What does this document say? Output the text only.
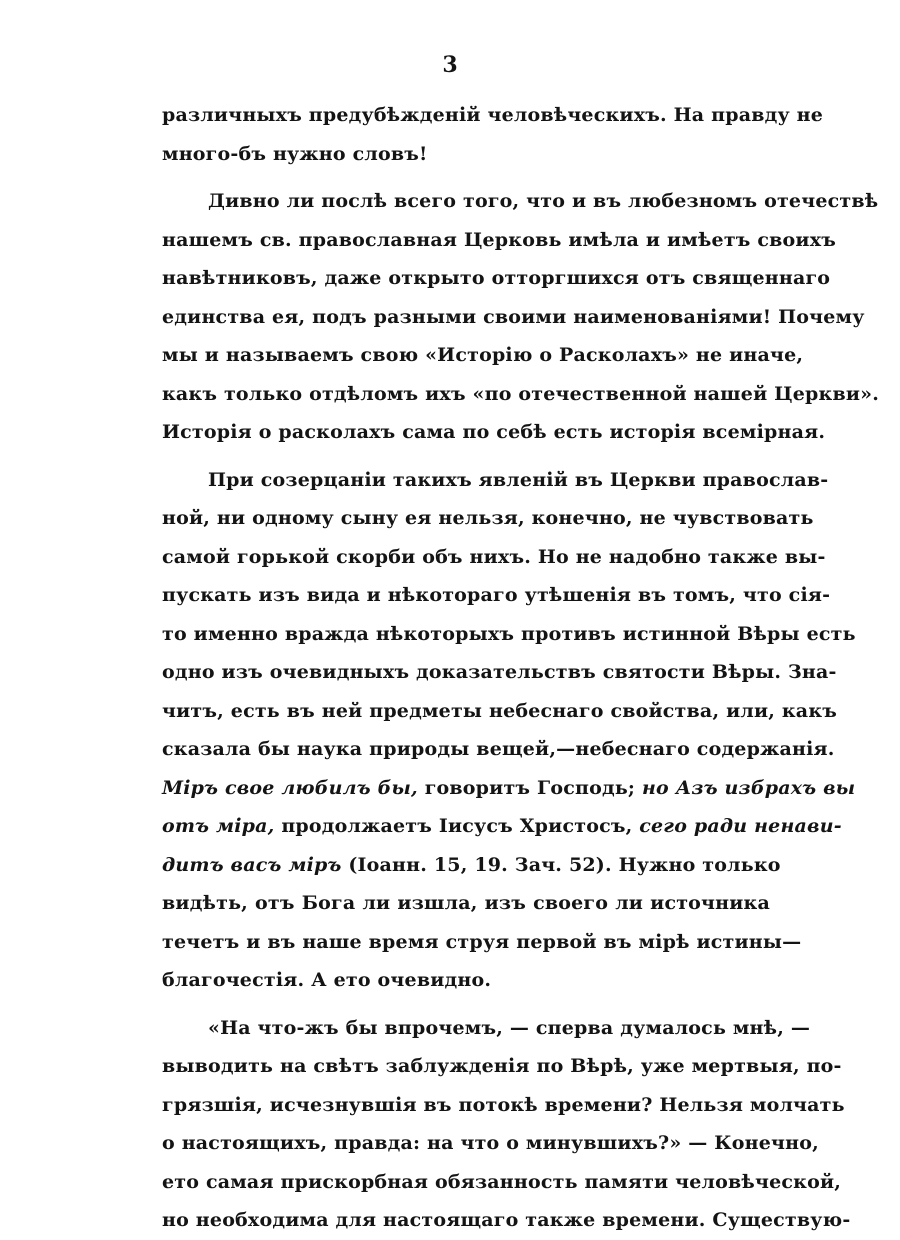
3
различныхъ предубѣжденій человѣческихъ. На правду не
много-бъ нужно словъ!
Дивно ли послѣ всего того, что и въ любезномъ отечествѣ
нашемъ св. православная Церковь имѣла и имѣетъ своихъ
навѣтниковъ, даже открыто отторгшихся отъ священнаго
единства ея, подъ разными своими наименованіями! Почему
мы и называемъ свою «Исторію о Расколахъ» не иначе,
какъ только отдѣломъ ихъ «по отечественной нашей Церкви».
Исторія о расколахъ сама по себѣ есть исторія всемірная.
При созерцаніи такихъ явленій въ Церкви православ-
ной, ни одному сыну ея нельзя, конечно, не чувствовать
самой горькой скорби объ нихъ. Но не надобно также вы-
пускать изъ вида и нѣкотораго утѣшенія въ томъ, что сія-
то именно вражда нѣкоторыхъ противъ истинной Вѣры есть
одно изъ очевидныхъ доказательствъ святости Вѣры. Зна-
читъ, есть въ ней предметы небеснаго свойства, или, какъ
сказала бы наука природы вещей,—небеснаго содержанія.
Міръ свое любилъ бы, говоритъ Господь; но Азъ избрахъ вы
отъ міра, продолжаетъ Іисусъ Христосъ, сего ради ненави-
дитъ васъ міръ (Іоанн. 15, 19. Зач. 52). Нужно только
видѣть, отъ Бога ли изшла, изъ своего ли источника
течетъ и въ наше время струя первой въ мірѣ истины—
благочестія. А ето очевидно.
«На что-жъ бы впрочемъ, — сперва думалось мнѣ, —
выводить на свѣтъ заблужденія по Вѣрѣ, уже мертвыя, по-
грязшія, исчезнувшія въ потокѣ времени? Нельзя молчать
о настоящихъ, правда: на что о минувшихъ?» — Конечно,
ето самая прискорбная обязанность памяти человѣческой,
но необходима для настоящаго также времени. Существую-
